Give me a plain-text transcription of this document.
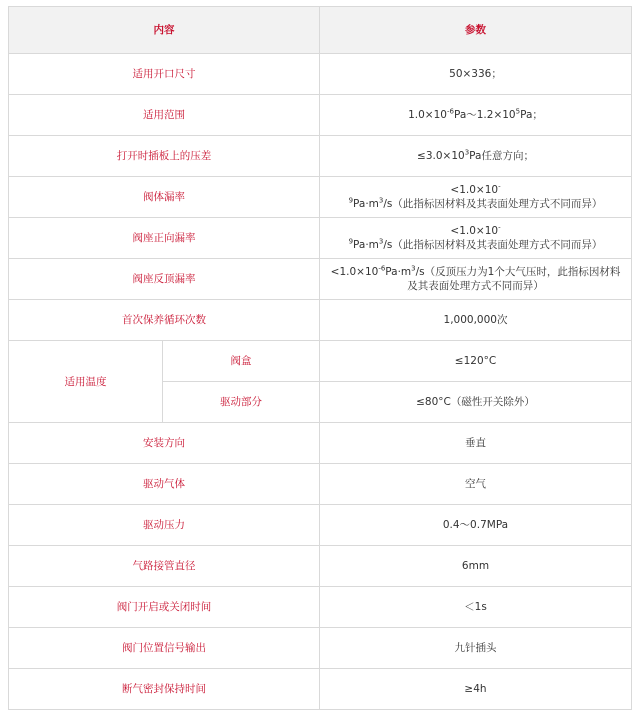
内容		参数
适用开口尺寸		50×336；
适用范围		$1.0\times 10^{-6}Pa\sim 1.2\times 10^5Pa$；
打开时插板上的压差		$\le 3.0\times 10^3Pa$任意方向；
阀体漏率		$<1.0\times 10^{-9}Pa\cdot m^3/s$（此指标因材料及其表面处理方式不同而异）
阀座正向漏率		$<1.0\times 10^{-9}Pa\cdot m^3/s$（此指标因材料及其表面处理方式不同而异）
阀座反顶漏率		$<1.0\times 10^{-6}Pa\cdot m^3/s$（反顶压力为1个大气压时，此指标因材料
及其表面处理方式不同而异）
首次保养循环次数		1,000,000次
适用温度	阀盒	≤120°C
	驱动部分	≤80°C（磁性开关除外）
安装方向		垂直
驱动气体		空气
驱动压力		0.4～0.7MPa
气路接管直径		6mm
阀门开启或关闭时间		＜1s
阀门位置信号输出		九针插头
断气密封保持时间		≥4h
